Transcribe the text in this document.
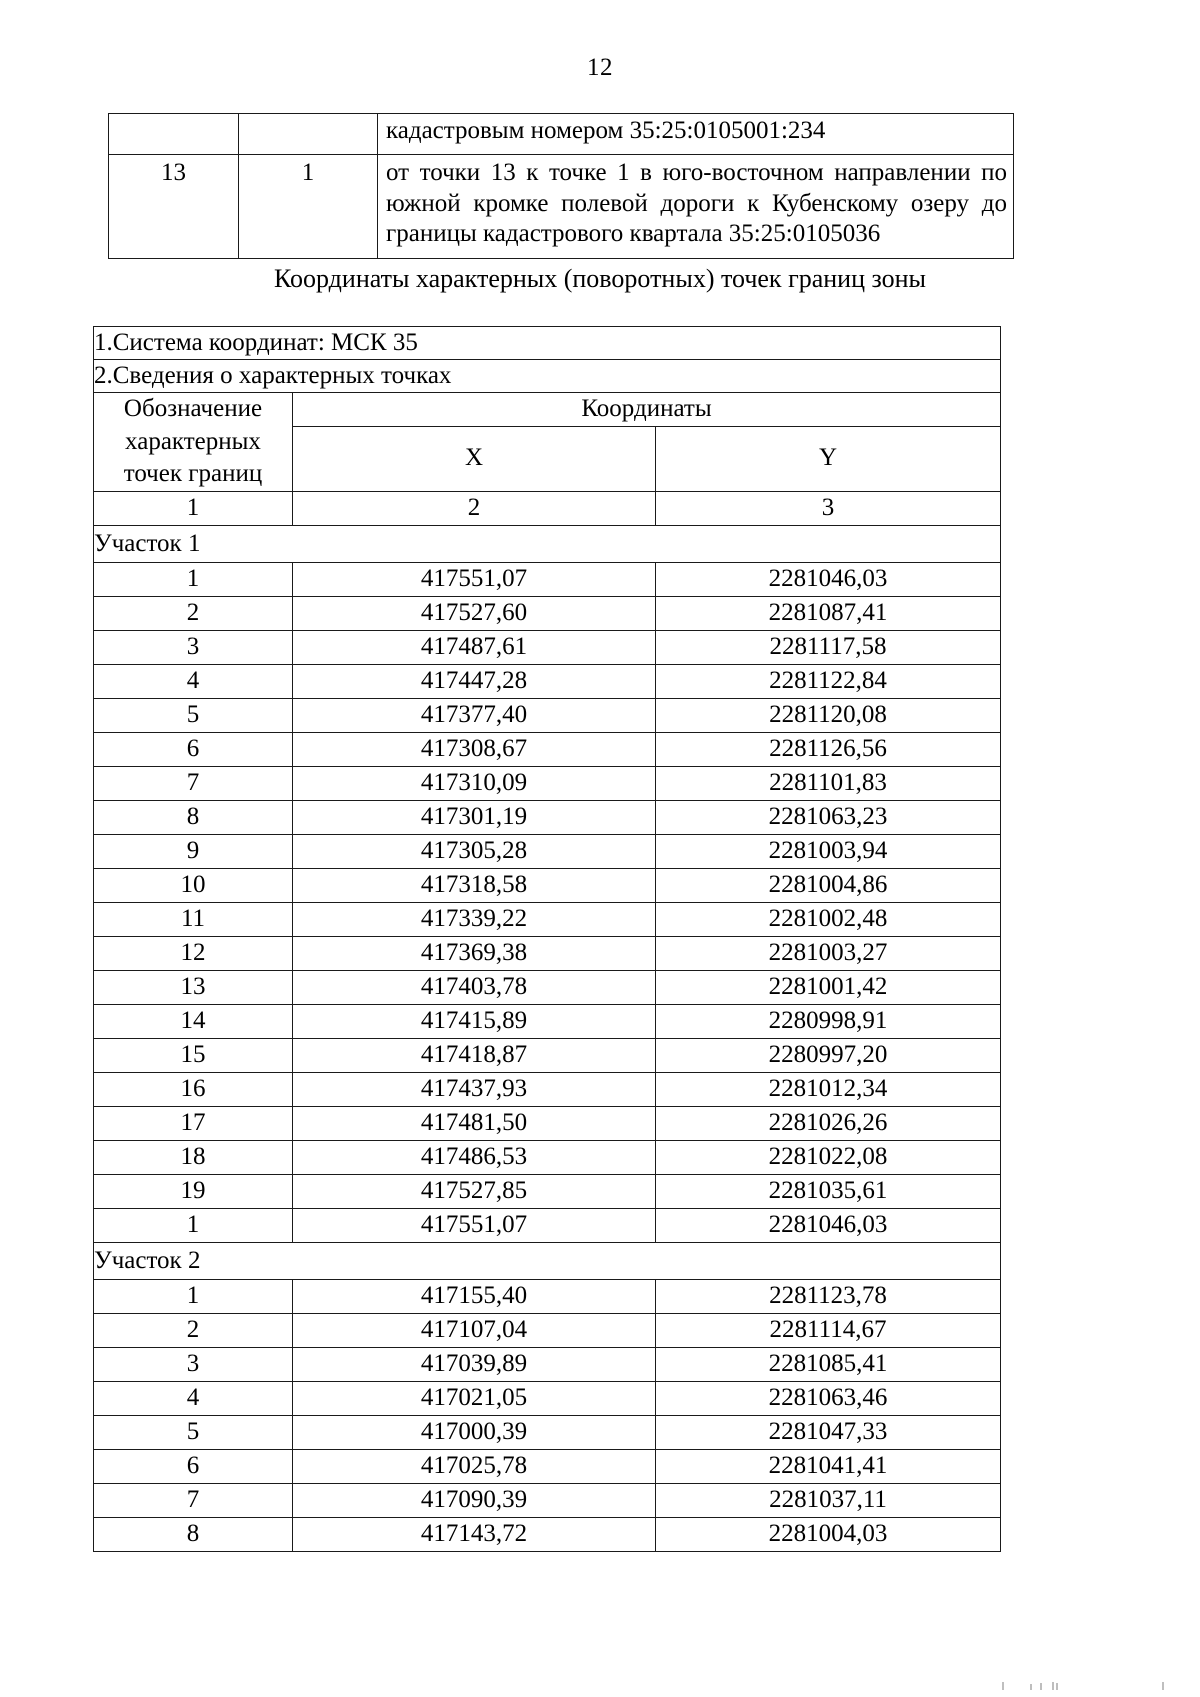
12
		кадастровым номером 35:25:0105001:234
13	1	от точки 13 к точке 1 в юго-восточном направлении по южной кромке полевой дороги к Кубенскому озеру до границы кадастрового квартала 35:25:0105036
Координаты характерных (поворотных) точек границ зоны
1.Система координат: МСК 35		
2.Сведения о характерных точках		
Обозначение характерных точек границ	Координаты	
	X	Y
1	2	3
Участок 1		
1	417551,07	2281046,03
2	417527,60	2281087,41
3	417487,61	2281117,58
4	417447,28	2281122,84
5	417377,40	2281120,08
6	417308,67	2281126,56
7	417310,09	2281101,83
8	417301,19	2281063,23
9	417305,28	2281003,94
10	417318,58	2281004,86
11	417339,22	2281002,48
12	417369,38	2281003,27
13	417403,78	2281001,42
14	417415,89	2280998,91
15	417418,87	2280997,20
16	417437,93	2281012,34
17	417481,50	2281026,26
18	417486,53	2281022,08
19	417527,85	2281035,61
1	417551,07	2281046,03
Участок 2		
1	417155,40	2281123,78
2	417107,04	2281114,67
3	417039,89	2281085,41
4	417021,05	2281063,46
5	417000,39	2281047,33
6	417025,78	2281041,41
7	417090,39	2281037,11
8	417143,72	2281004,03
